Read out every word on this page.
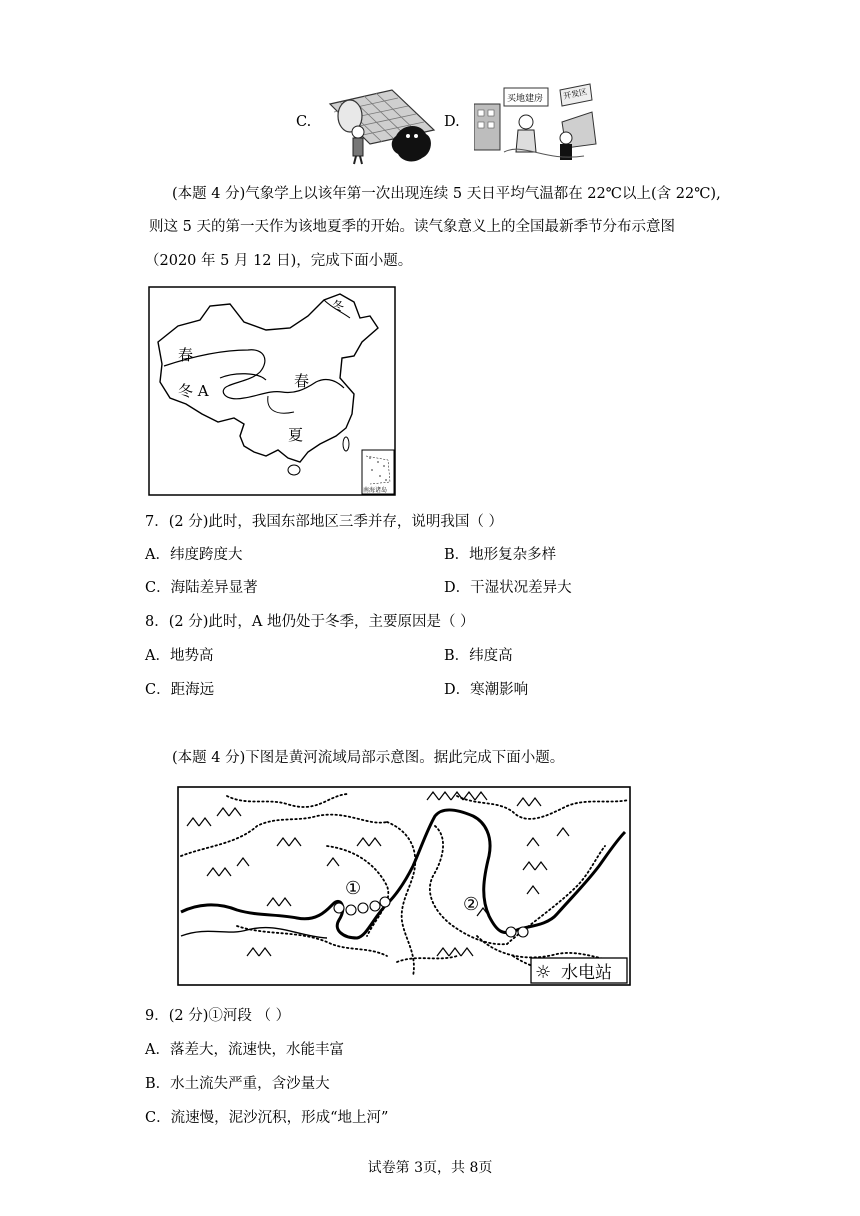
C.	D.
买地建房 开发区
(本题 4 分)气象学上以该年第一次出现连续 5 天日平均气温都在 22℃以上(含 22℃),
则这 5 天的第一天作为该地夏季的开始。读气象意义上的全国最新季节分布示意图
（2020 年 5 月 12 日)，完成下面小题。
南海诸岛
冬
春
冬 A
春
夏
7．(2 分)此时，我国东部地区三季并存，说明我国（ ）
A．纬度跨度大	B．地形复杂多样
C．海陆差异显著	D．干湿状况差异大
8．(2 分)此时，A 地仍处于冬季，主要原因是（ ）
A．地势高	B．纬度高
C．距海远	D．寒潮影响
(本题 4 分)下图是黄河流域局部示意图。据此完成下面小题。
①
②
☼ 水电站
9．(2 分)①河段 （ ）
A．落差大，流速快，水能丰富
B．水土流失严重，含沙量大
C．流速慢，泥沙沉积，形成“地上河”
试卷第 3页，共 8页
